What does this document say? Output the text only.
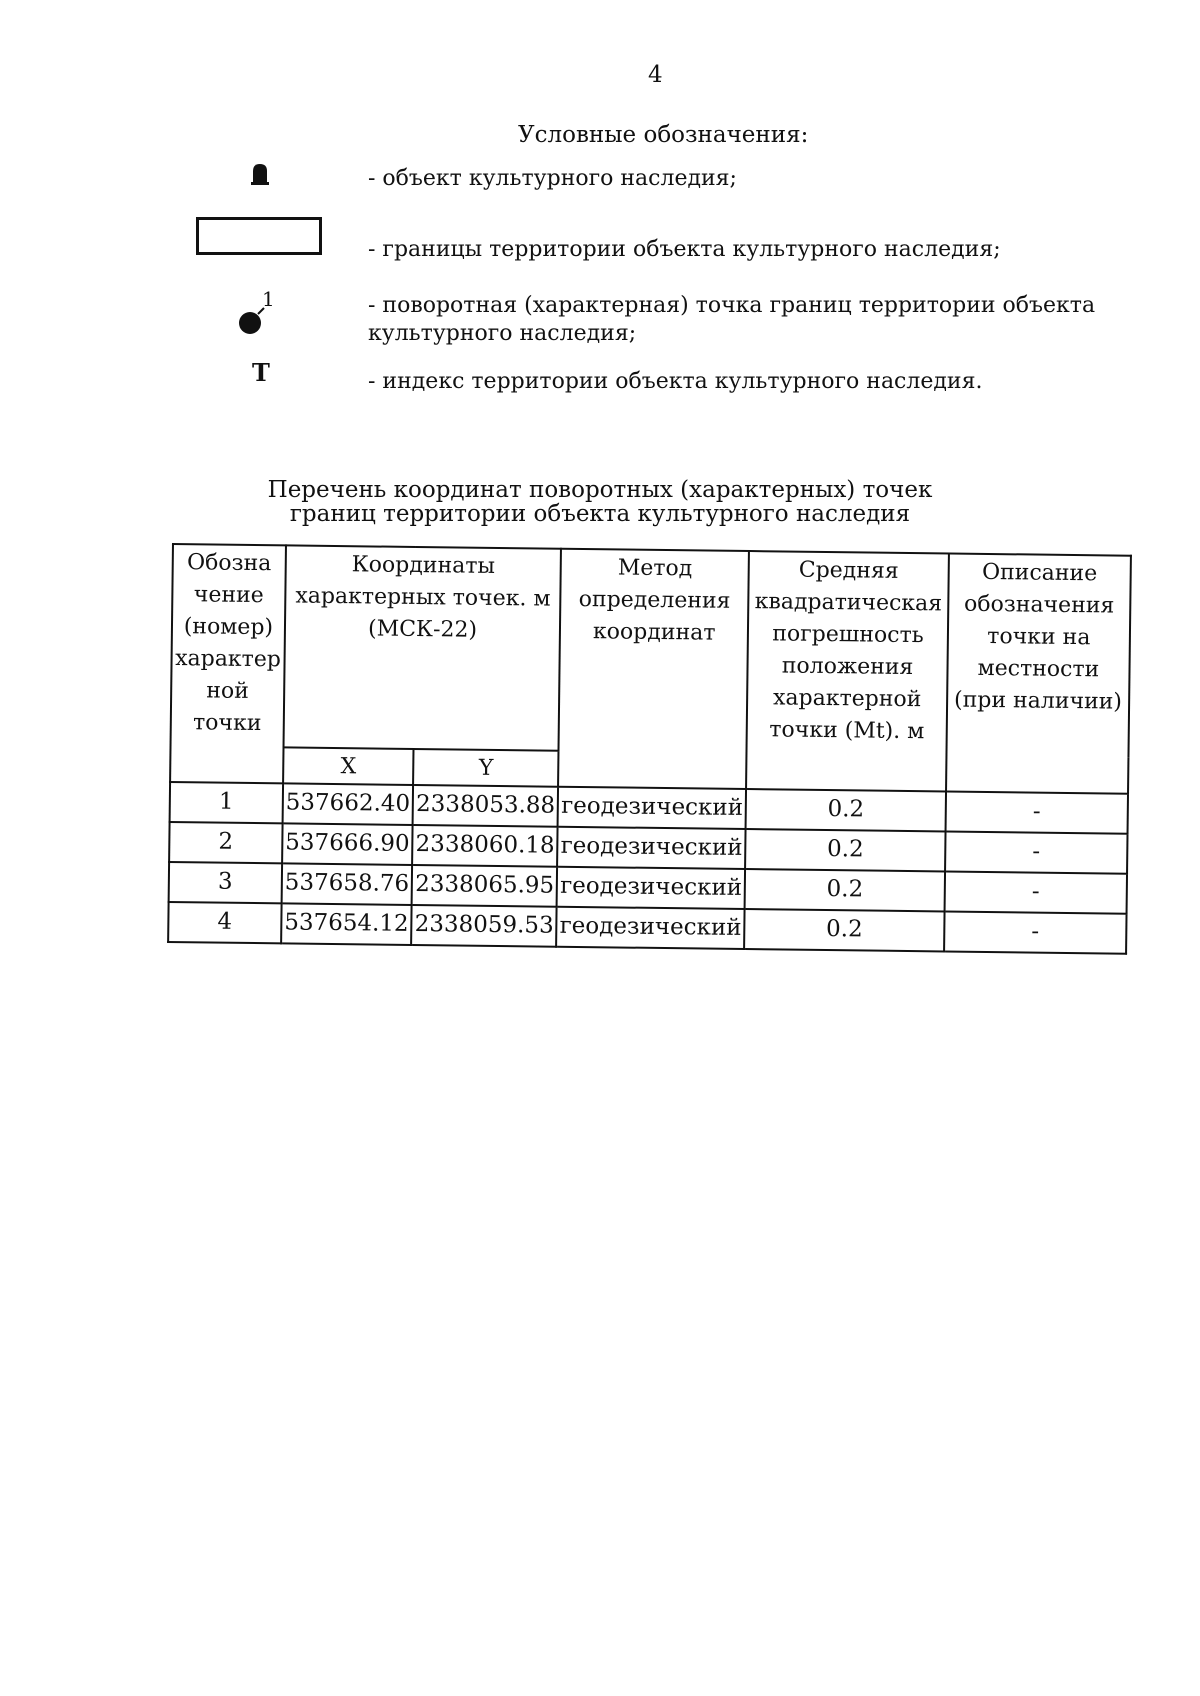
4
Условные обозначения:
- объект культурного наследия;
- границы территории объекта культурного наследия;
1	- поворотная (характерная) точка границ территории объекта культурного наследия;
Т	- индекс территории объекта культурного наследия.
Перечень координат поворотных (характерных) точек
границ территории объекта культурного наследия
Обозна чение (номер) характер ной точки	Координаты характерных точек. м (МСК-22)		Метод определения координат	Средняя квадратическая погрешность положения характерной точки (Mt). м	Описание обозначения точки на местности (при наличии)
	X	Y			
1	537662.40	2338053.88	геодезический	0.2	-
2	537666.90	2338060.18	геодезический	0.2	-
3	537658.76	2338065.95	геодезический	0.2	-
4	537654.12	2338059.53	геодезический	0.2	-
